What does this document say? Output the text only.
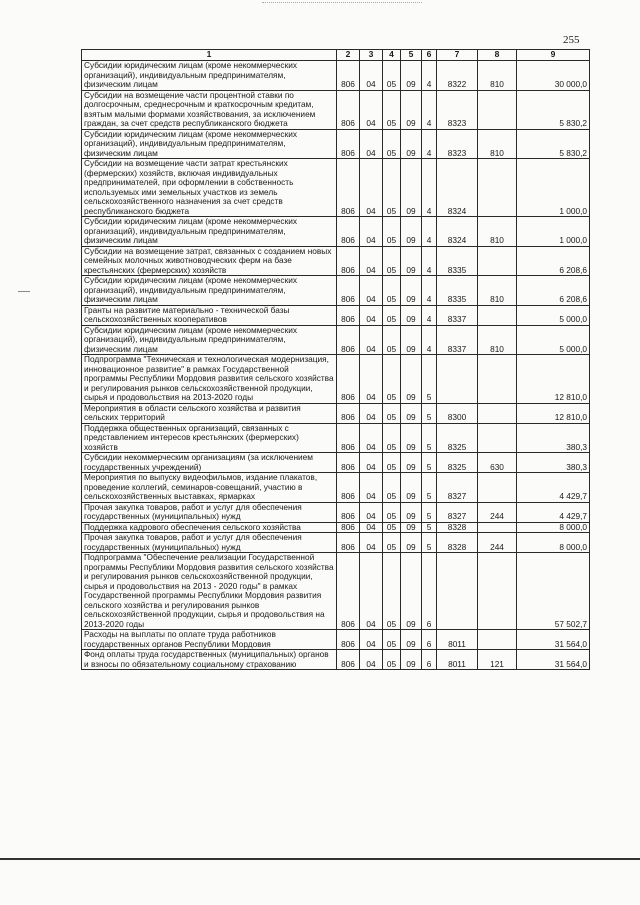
255
1	2	3	4	5	6	7	8	9
Субсидии юридическим лицам (кроме некоммерческих организаций), индивидуальным предпринимателям, физическим лицам	806	04	05	09	4	8322	810	30 000,0
Субсидии на возмещение части процентной ставки по долгосрочным, среднесрочным и краткосрочным кредитам, взятым малыми формами хозяйствования, за исключением граждан, за счет средств республиканского бюджета	806	04	05	09	4	8323		5 830,2
Субсидии юридическим лицам (кроме некоммерческих организаций), индивидуальным предпринимателям, физическим лицам	806	04	05	09	4	8323	810	5 830,2
Субсидии на возмещение части затрат крестьянских (фермерских) хозяйств, включая индивидуальных предпринимателей, при оформлении в собственность используемых ими земельных участков из земель сельскохозяйственного назначения за счет средств республиканского бюджета	806	04	05	09	4	8324		1 000,0
Субсидии юридическим лицам (кроме некоммерческих организаций), индивидуальным предпринимателям, физическим лицам	806	04	05	09	4	8324	810	1 000,0
Субсидии на возмещение затрат, связанных с созданием новых семейных молочных животноводческих ферм на базе крестьянских (фермерских) хозяйств	806	04	05	09	4	8335		6 208,6
Субсидии юридическим лицам (кроме некоммерческих организаций), индивидуальным предпринимателям, физическим лицам	806	04	05	09	4	8335	810	6 208,6
Гранты на развитие материально - технической базы сельскохозяйственных кооперативов	806	04	05	09	4	8337		5 000,0
Субсидии юридическим лицам (кроме некоммерческих организаций), индивидуальным предпринимателям, физическим лицам	806	04	05	09	4	8337	810	5 000,0
Подпрограмма "Техническая и технологическая модернизация, инновационное развитие" в рамках Государственной программы Республики Мордовия развития сельского хозяйства и регулирования рынков сельскохозяйственной продукции, сырья и продовольствия на 2013-2020 годы	806	04	05	09	5			12 810,0
Мероприятия в области сельского хозяйства и развития сельских территорий	806	04	05	09	5	8300		12 810,0
Поддержка общественных организаций, связанных с представлением интересов крестьянских (фермерских) хозяйств	806	04	05	09	5	8325		380,3
Субсидии некоммерческим организациям (за исключением государственных учреждений)	806	04	05	09	5	8325	630	380,3
Мероприятия по выпуску видеофильмов, издание плакатов, проведение коллегий, семинаров-совещаний, участию в сельскохозяйственных выставках, ярмарках	806	04	05	09	5	8327		4 429,7
Прочая закупка товаров, работ и услуг для обеспечения государственных (муниципальных) нужд	806	04	05	09	5	8327	244	4 429,7
Поддержка кадрового обеспечения сельского хозяйства	806	04	05	09	5	8328		8 000,0
Прочая закупка товаров, работ и услуг для обеспечения государственных (муниципальных) нужд	806	04	05	09	5	8328	244	8 000,0
Подпрограмма "Обеспечение реализации Государственной программы Республики Мордовия развития сельского хозяйства и регулирования рынков сельскохозяйственной продукции, сырья и продовольствия на 2013 - 2020 годы" в рамках Государственной программы Республики Мордовия развития сельского хозяйства и регулирования рынков сельскохозяйственной продукции, сырья и продовольствия на 2013-2020 годы	806	04	05	09	6			57 502,7
Расходы на выплаты по оплате труда работников государственных органов Республики Мордовия	806	04	05	09	6	8011		31 564,0
Фонд оплаты труда государственных (муниципальных) органов и взносы по обязательному социальному страхованию	806	04	05	09	6	8011	121	31 564,0
